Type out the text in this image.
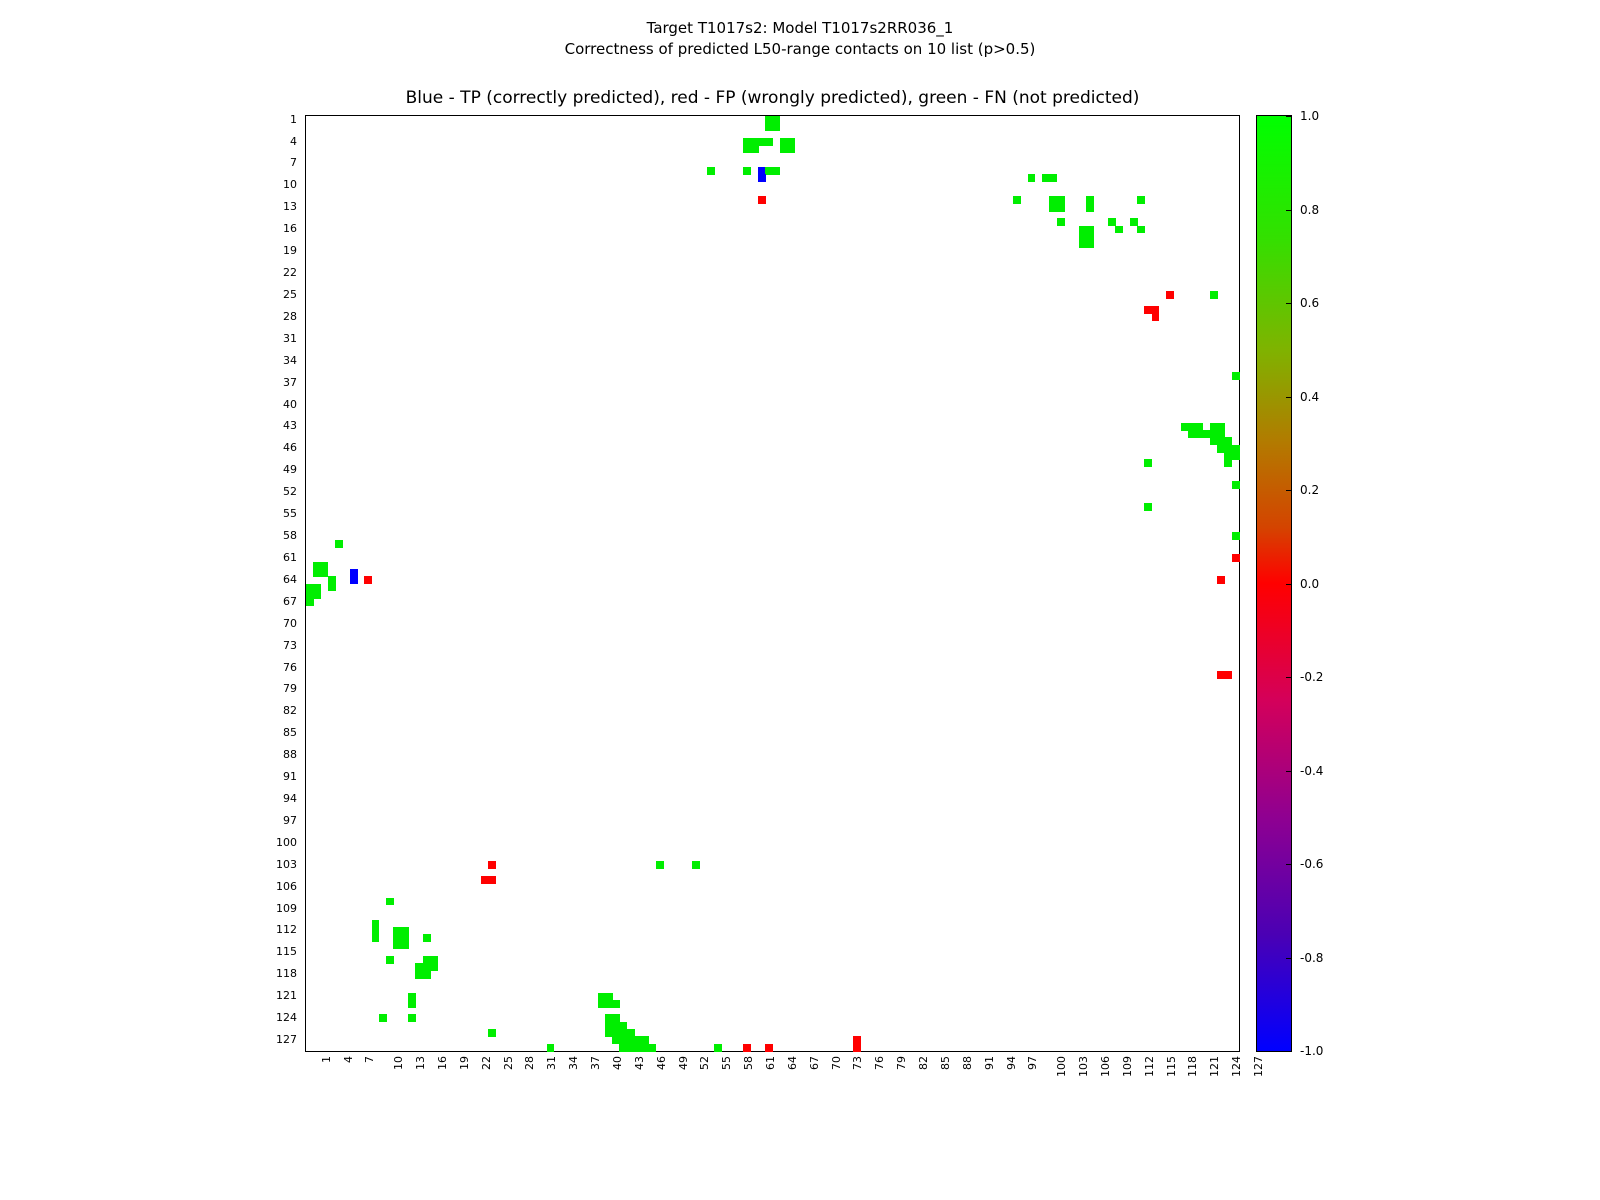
Target T1017s2: Model T1017s2RR036_1
Correctness of predicted L50-range contacts on 10 list (p>0.5)
Blue - TP (correctly predicted), red - FP (wrongly predicted), green - FN (not predicted)
1.0
0.8
0.6
0.4
0.2
0.0
-0.2
-0.4
-0.6
-0.8
-1.0
1
4
7
10
13
16
19
22
25
28
31
34
37
40
43
46
49
52
55
58
61
64
67
70
73
76
79
82
85
88
91
94
97
100
103
106
109
112
115
118
121
124
127
1 4 7 10 13 16 19 22 25 28 31 34 37 40 43 46 49 52 55 58 61 64 67 70 73 76 79 82 85 88 91 94 97 100 103 106 109 112 115 118 121 124 127
